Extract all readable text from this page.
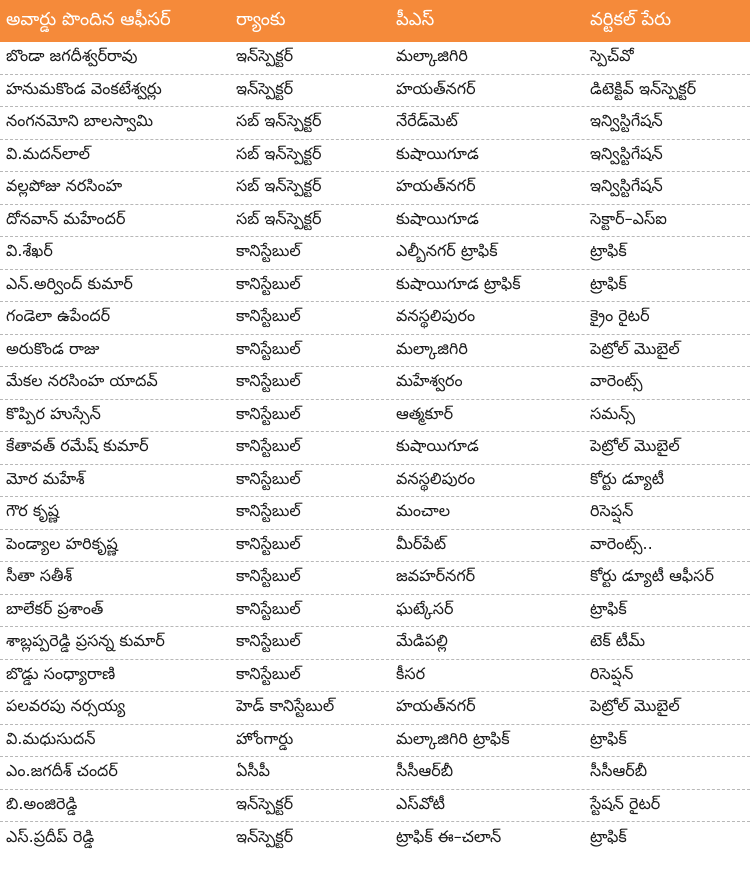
అవార్డు పొందిన ఆఫీసర్	ర్యాంకు	పీఎస్	వర్టికల్ పేరు
బొండా జగదీశ్వర్‌రావు	ఇన్‌స్పెక్టర్	మల్కాజిగిరి	స్పెచ్‌వో
హనుమకొండ వెంకటేశ్వర్లు	ఇన్‌స్పెక్టర్	హయత్‌నగర్	డిటెక్టివ్ ఇన్‌స్పెక్టర్
నంగనమోని బాలస్వామి	సబ్ ఇన్‌స్పెక్టర్	నేరేడ్‌మెట్	ఇన్విస్టిగేషన్
వి.మదన్‌లాల్	సబ్ ఇన్‌స్పెక్టర్	కుషాయిగూడ	ఇన్విస్టిగేషన్
వల్లపోజు నరసింహ	సబ్ ఇన్‌స్పెక్టర్	హయత్‌నగర్	ఇన్విస్టిగేషన్
దోనవాన్ మహేందర్	సబ్ ఇన్‌స్పెక్టర్	కుషాయిగూడ	సెక్టార్–ఎస్ఐ
వి.శేఖర్	కానిస్టేబుల్	ఎల్బీనగర్ ట్రాఫిక్	ట్రాఫిక్
ఎన్.అర్వింద్ కుమార్	కానిస్టేబుల్	కుషాయిగూడ ట్రాఫిక్	ట్రాఫిక్
గండెలా ఉపేందర్	కానిస్టేబుల్	వనస్థలిపురం	క్రైం రైటర్
అరుకొండ రాజు	కానిస్టేబుల్	మల్కాజిగిరి	పెట్రోల్ మొబైల్
మేకల నరసింహ యాదవ్	కానిస్టేబుల్	మహేశ్వరం	వారెంట్స్
కొప్పిర హుస్సేన్	కానిస్టేబుల్	ఆత్మకూర్	సమన్స్
కేతావత్ రమేష్ కుమార్	కానిస్టేబుల్	కుషాయిగూడ	పెట్రోల్ మొబైల్
మోర మహేశ్	కానిస్టేబుల్	వనస్థలిపురం	కోర్టు డ్యూటీ
గౌర కృష్ణ	కానిస్టేబుల్	మంచాల	రిసెప్షన్
పెండ్యాల హరికృష్ణ	కానిస్టేబుల్	మీర్‌పేట్	వారెంట్స్..
సీతా సతీశ్	కానిస్టేబుల్	జవహర్‌నగర్	కోర్టు డ్యూటీ ఆఫీసర్
బాలేకర్ ప్రశాంత్	కానిస్టేబుల్	ఘట్కేసర్	ట్రాఫిక్
శాబ్లప్పరెడ్డి ప్రసన్న కుమార్	కానిస్టేబుల్	మేడిపల్లి	టెక్ టీమ్
బొడ్డు సంధ్యారాణి	కానిస్టేబుల్	కీసర	రిసెప్షన్
పలవరపు నర్సయ్య	హెడ్ కానిస్టేబుల్	హయత్‌నగర్	పెట్రోల్ మొబైల్
వి.మధుసుదన్	హోంగార్డు	మల్కాజిగిరి ట్రాఫిక్	ట్రాఫిక్
ఎం.జగదీశ్ చందర్	ఏసీపీ	సీసీఆర్‌బీ	సీసీఆర్‌బీ
బి.అంజిరెడ్డి	ఇన్‌స్పెక్టర్	ఎస్‌వోటీ	స్టేషన్ రైటర్
ఎస్.ప్రదీప్ రెడ్డి	ఇన్‌స్పెక్టర్	ట్రాఫిక్ ఈ–చలాన్	ట్రాఫిక్
